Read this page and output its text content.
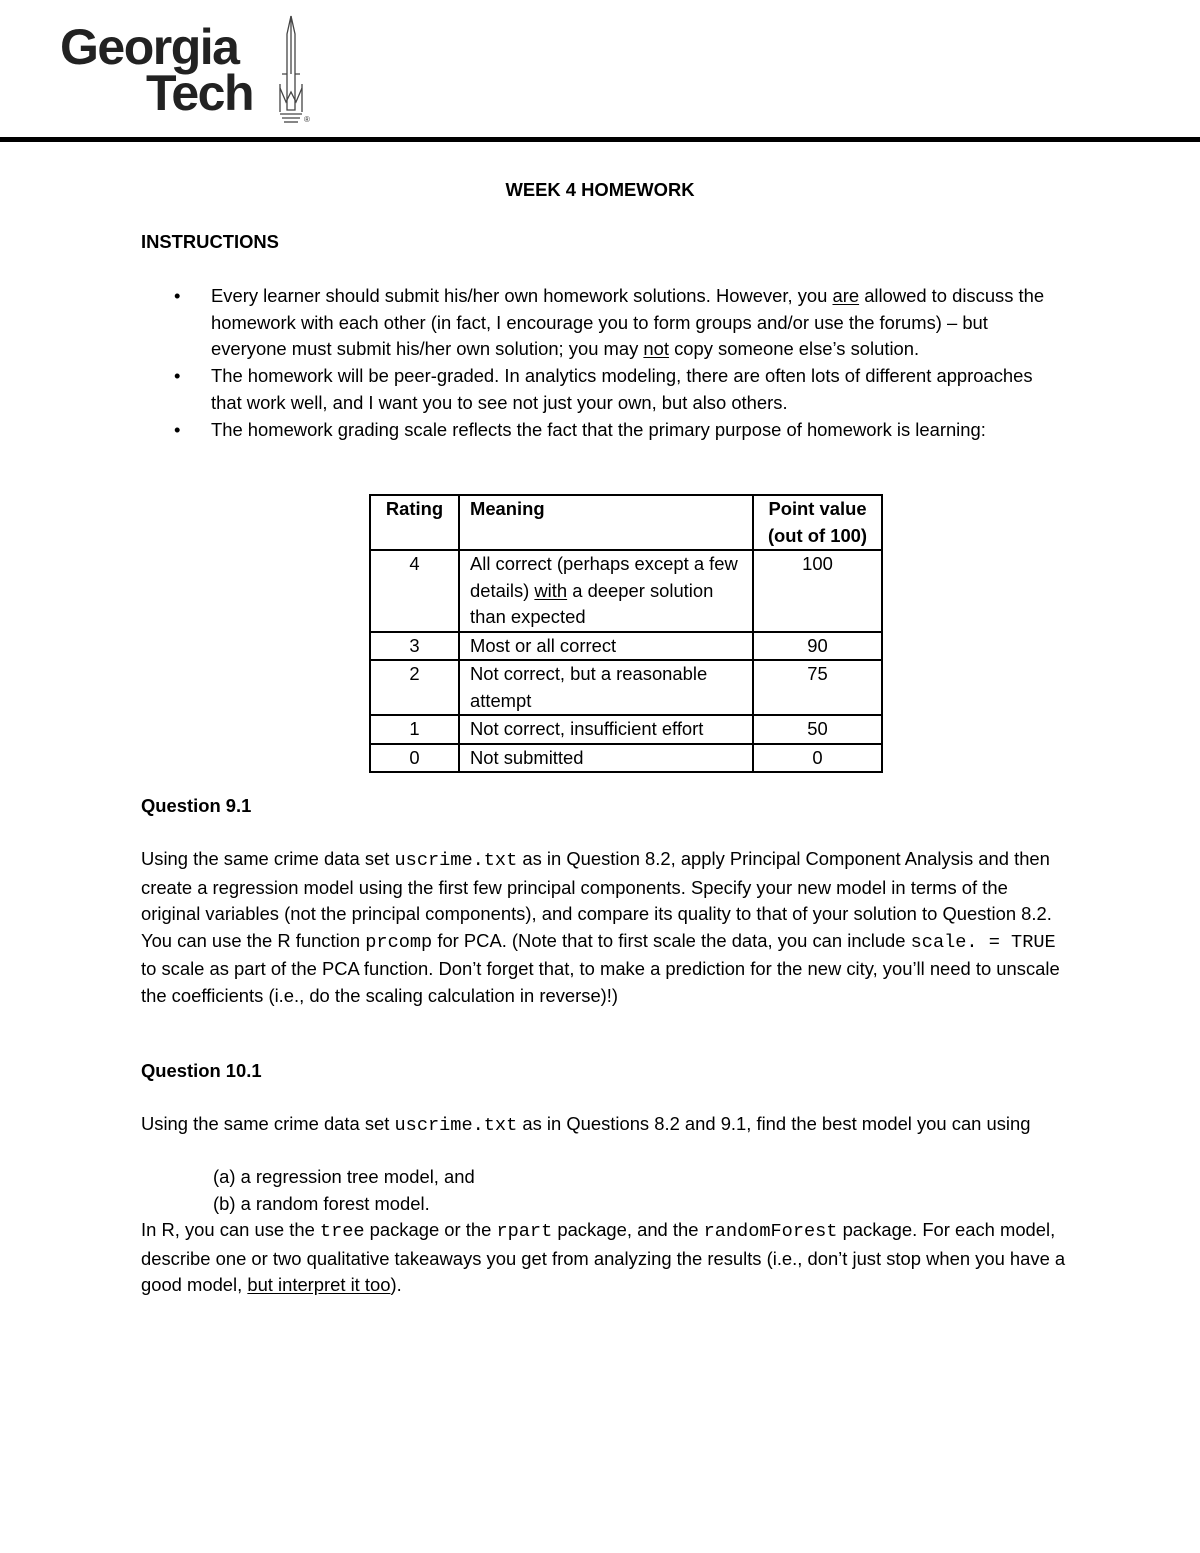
Georgia
Tech	®
WEEK 4 HOMEWORK
INSTRUCTIONS
• Every learner should submit his/her own homework solutions. However, you are allowed to discuss the homework with each other (in fact, I encourage you to form groups and/or use the forums) – but everyone must submit his/her own solution; you may not copy someone else’s solution.
• The homework will be peer-graded. In analytics modeling, there are often lots of different approaches that work well, and I want you to see not just your own, but also others.
• The homework grading scale reflects the fact that the primary purpose of homework is learning:
Rating	Meaning	Point value (out of 100)
4	All correct (perhaps except a few details) with a deeper solution than expected	100
3	Most or all correct	90
2	Not correct, but a reasonable attempt	75
1	Not correct, insufficient effort	50
0	Not submitted	0
Question 9.1

Using the same crime data set uscrime.txt as in Question 8.2, apply Principal Component Analysis and then create a regression model using the first few principal components. Specify your new model in terms of the original variables (not the principal components), and compare its quality to that of your solution to Question 8.2. You can use the R function prcomp for PCA. (Note that to first scale the data, you can include scale. = TRUE to scale as part of the PCA function. Don’t forget that, to make a prediction for the new city, you’ll need to unscale the coefficients (i.e., do the scaling calculation in reverse)!)

Question 10.1

Using the same crime data set uscrime.txt as in Questions 8.2 and 9.1, find the best model you can using

(a) a regression tree model, and

(b) a random forest model.

In R, you can use the tree package or the rpart package, and the randomForest package. For each model, describe one or two qualitative takeaways you get from analyzing the results (i.e., don’t just stop when you have a good model, but interpret it too).
